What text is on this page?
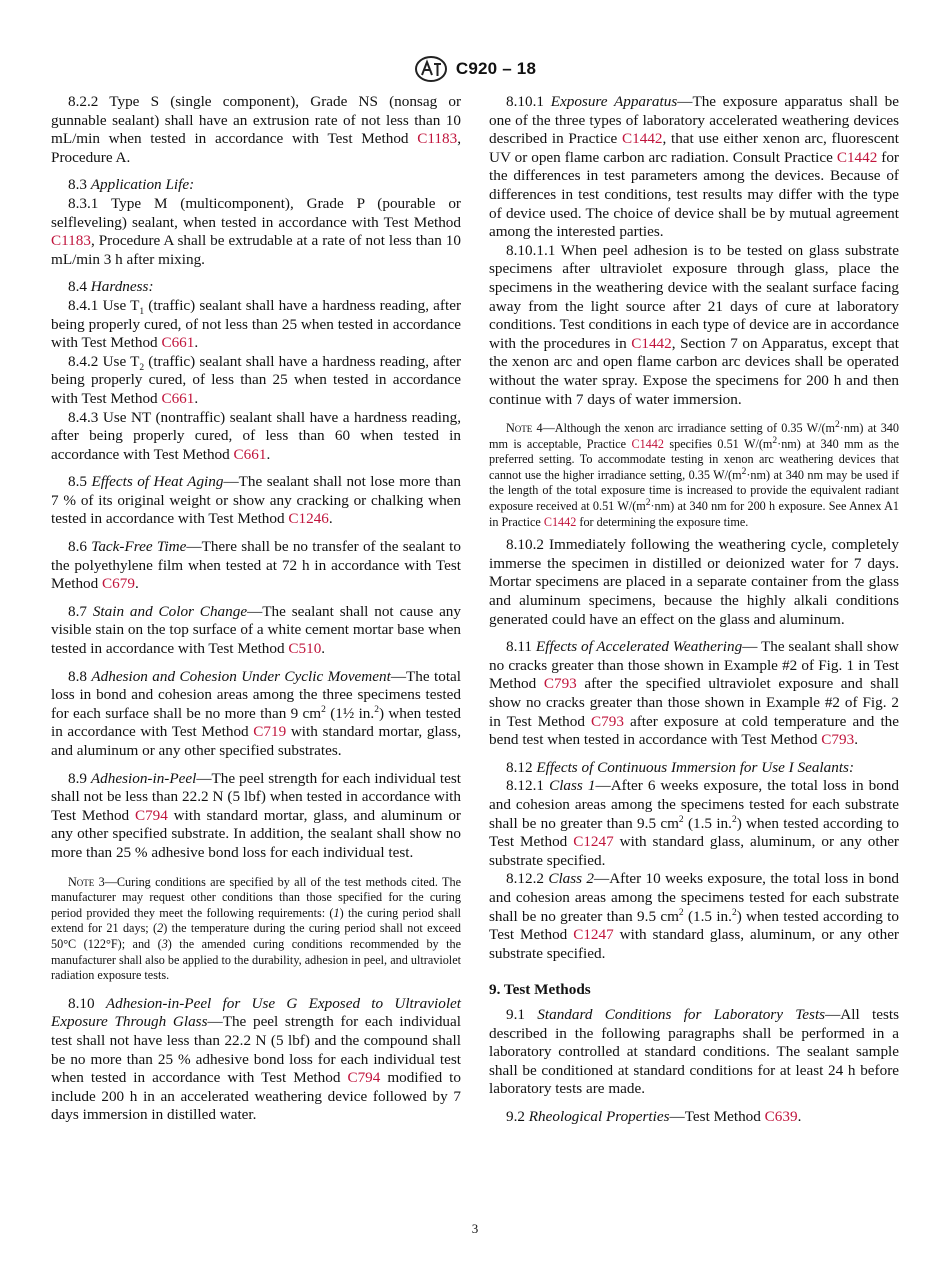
C920 – 18

8.2.2 Type S (single component), Grade NS (nonsag or gunnable sealant) shall have an extrusion rate of not less than 10 mL/min when tested in accordance with Test Method C1183, Procedure A.

8.3 Application Life:

8.3.1 Type M (multicomponent), Grade P (pourable or selfleveling) sealant, when tested in accordance with Test Method C1183, Procedure A shall be extrudable at a rate of not less than 10 mL/min 3 h after mixing.

8.4 Hardness:

8.4.1 Use $T_1$ (traffic) sealant shall have a hardness reading, after being properly cured, of not less than 25 when tested in accordance with Test Method C661.

8.4.2 Use $T_2$ (traffic) sealant shall have a hardness reading, after being properly cured, of less than 25 when tested in accordance with Test Method C661.

8.4.3 Use NT (nontraffic) sealant shall have a hardness reading, after being properly cured, of less than 60 when tested in accordance with Test Method C661.

8.5 Effects of Heat Aging—The sealant shall not lose more than 7 % of its original weight or show any cracking or chalking when tested in accordance with Test Method C1246.

8.6 Tack-Free Time—There shall be no transfer of the sealant to the polyethylene film when tested at 72 h in accordance with Test Method C679.

8.7 Stain and Color Change—The sealant shall not cause any visible stain on the top surface of a white cement mortar base when tested in accordance with Test Method C510.

8.8 Adhesion and Cohesion Under Cyclic Movement—The total loss in bond and cohesion areas among the three specimens tested for each surface shall be no more than 9 $cm^2$ (1½ in.$^2$) when tested in accordance with Test Method C719 with standard mortar, glass, and aluminum or any other specified substrates.

8.9 Adhesion-in-Peel—The peel strength for each individual test shall not be less than 22.2 N (5 lbf) when tested in accordance with Test Method C794 with standard mortar, glass, and aluminum or any other specified substrate. In addition, the sealant shall show no more than 25 % adhesive bond loss for each individual test.

Note 3—Curing conditions are specified by all of the test methods cited. The manufacturer may request other conditions than those specified for the curing period provided they meet the following requirements: (1) the curing period shall extend for 21 days; (2) the temperature during the curing period shall not exceed 50°C (122°F); and (3) the amended curing conditions recommended by the manufacturer shall also be applied to the durability, adhesion in peel, and ultraviolet radiation exposure tests.

8.10 Adhesion-in-Peel for Use G Exposed to Ultraviolet Exposure Through Glass—The peel strength for each individual test shall not have less than 22.2 N (5 lbf) and the compound shall be no more than 25 % adhesive bond loss for each individual test when tested in accordance with Test Method C794 modified to include 200 h in an accelerated weathering device followed by 7 days immersion in distilled water.

8.10.1 Exposure Apparatus—The exposure apparatus shall be one of the three types of laboratory accelerated weathering devices described in Practice C1442, that use either xenon arc, fluorescent UV or open flame carbon arc radiation. Consult Practice C1442 for the differences in test parameters among the devices. Because of differences in test conditions, test results may differ with the type of device used. The choice of device shall be by mutual agreement among the interested parties.

8.10.1.1 When peel adhesion is to be tested on glass substrate specimens after ultraviolet exposure through glass, place the specimens in the weathering device with the sealant surface facing away from the light source after 21 days of cure at laboratory conditions. Test conditions in each type of device are in accordance with the procedures in C1442, Section 7 on Apparatus, except that the xenon arc and open flame carbon arc devices shall be operated without the water spray. Expose the specimens for 200 h and then continue with 7 days of water immersion.

Note 4—Although the xenon arc irradiance setting of 0.35 $W/(m^2\cdot nm)$ at 340 mm is acceptable, Practice C1442 specifies 0.51 $W/(m^2\cdot nm)$ at 340 mm as the preferred setting. To accommodate testing in xenon arc weathering devices that cannot use the higher irradiance setting, 0.35 $W/(m^2\cdot nm)$ at 340 nm may be used if the length of the total exposure time is increased to provide the equivalent radiant exposure received at 0.51 $W/(m^2\cdot nm)$ at 340 nm for 200 h exposure. See Annex A1 in Practice C1442 for determining the exposure time.

8.10.2 Immediately following the weathering cycle, completely immerse the specimen in distilled or deionized water for 7 days. Mortar specimens are placed in a separate container from the glass and aluminum specimens, because the highly alkali conditions generated could have an effect on the glass and aluminum.

8.11 Effects of Accelerated Weathering— The sealant shall show no cracks greater than those shown in Example #2 of Fig. 1 in Test Method C793 after the specified ultraviolet exposure and shall show no cracks greater than those shown in Example #2 of Fig. 2 in Test Method C793 after exposure at cold temperature and the bend test when tested in accordance with Test Method C793.

8.12 Effects of Continuous Immersion for Use I Sealants:

8.12.1 Class 1—After 6 weeks exposure, the total loss in bond and cohesion areas among the specimens tested for each substrate shall be no greater than 9.5 $cm^2$ (1.5 in.$^2$) when tested according to Test Method C1247 with standard glass, aluminum, or any other substrate specified.

8.12.2 Class 2—After 10 weeks exposure, the total loss in bond and cohesion areas among the specimens tested for each substrate shall be no greater than 9.5 $cm^2$ (1.5 in.$^2$) when tested according to Test Method C1247 with standard glass, aluminum, or any other substrate specified.

9. Test Methods

9.1 Standard Conditions for Laboratory Tests—All tests described in the following paragraphs shall be performed in a laboratory controlled at standard conditions. The sealant sample shall be conditioned at standard conditions for at least 24 h before laboratory tests are made.

9.2 Rheological Properties—Test Method C639.

3
